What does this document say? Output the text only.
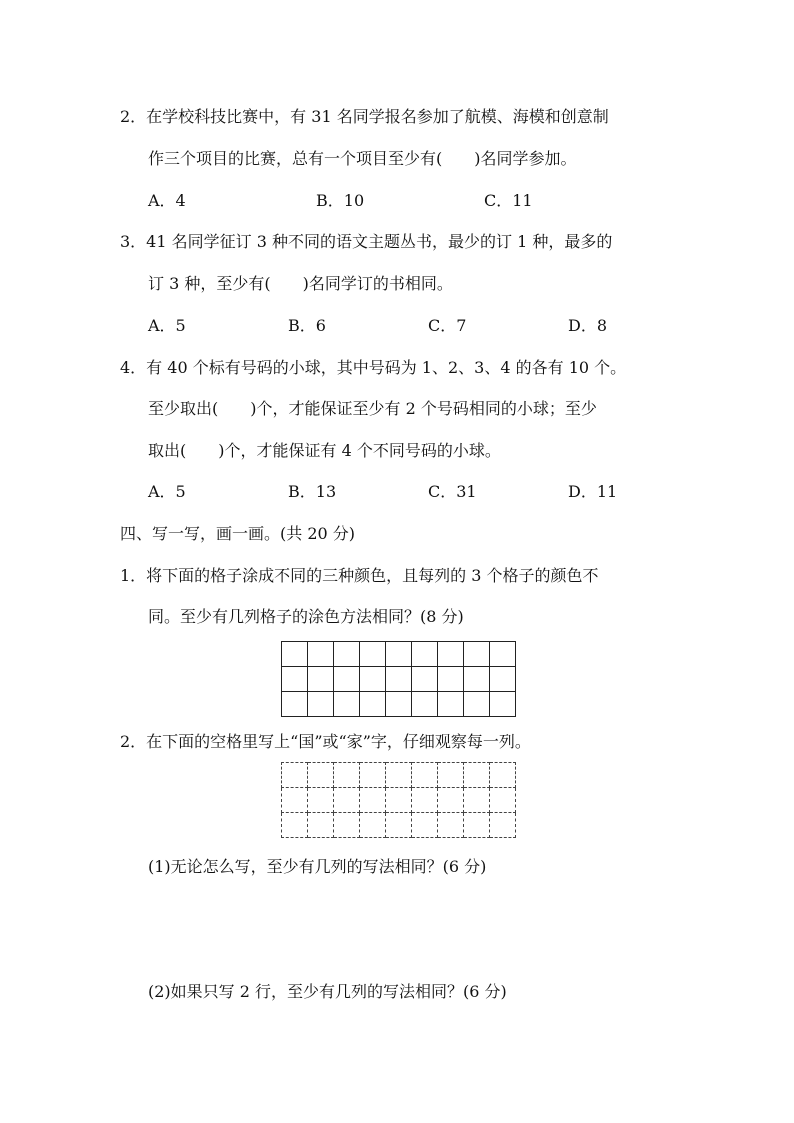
2．在学校科技比赛中，有 31 名同学报名参加了航模、海模和创意制
作三个项目的比赛，总有一个项目至少有(　　)名同学参加。
A．4	B．10	C．11
3．41 名同学征订 3 种不同的语文主题丛书，最少的订 1 种，最多的
订 3 种，至少有(　　)名同学订的书相同。
A．5	B．6	C．7	D．8
4．有 40 个标有号码的小球，其中号码为 1、2、3、4 的各有 10 个。
至少取出(　　)个，才能保证至少有 2 个号码相同的小球；至少
取出(　　)个，才能保证有 4 个不同号码的小球。
A．5	B．13	C．31	D．11
四、写一写，画一画。(共 20 分)
1．将下面的格子涂成不同的三种颜色，且每列的 3 个格子的颜色不
同。至少有几列格子的涂色方法相同？(8 分)

2．在下面的空格里写上“国”或“家”字，仔细观察每一列。

(1)无论怎么写，至少有几列的写法相同？(6 分)
(2)如果只写 2 行，至少有几列的写法相同？(6 分)
